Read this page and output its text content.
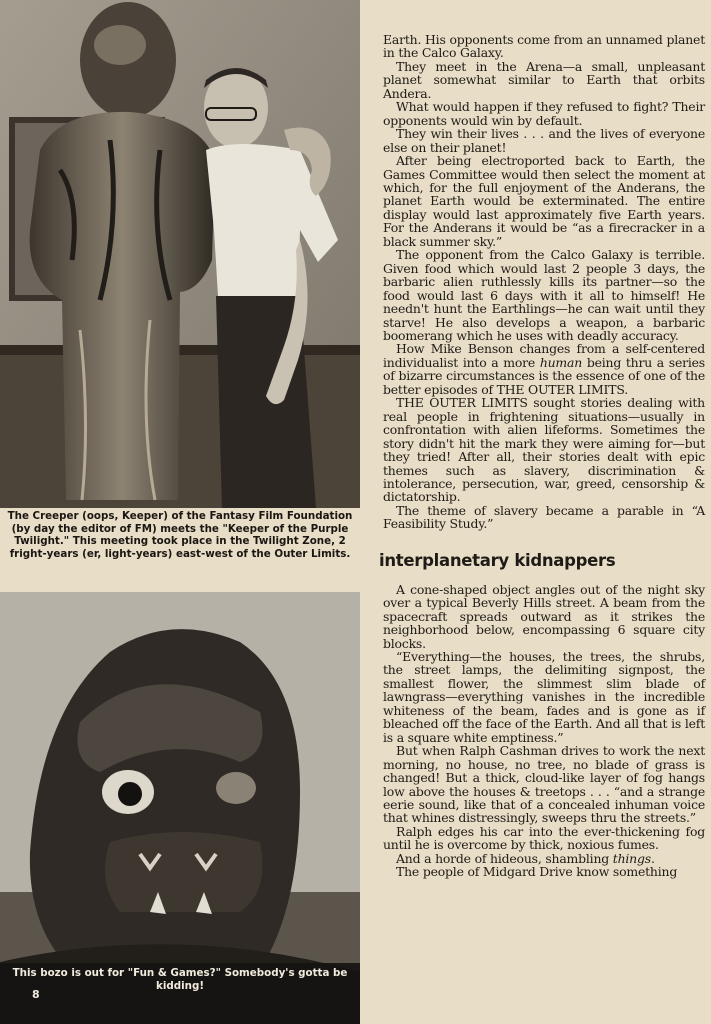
The Creeper (oops, Keeper) of the Fantasy Film Foundation (by day the editor of FM) meets the "Keeper of the Purple Twilight." This meeting took place in the Twilight Zone, 2 fright-years (er, light-years) east-west of the Outer Limits.
This bozo is out for "Fun & Games?" Somebody's gotta be kidding!
8

Earth. His opponents come from an unnamed planet in the Calco Galaxy.

They meet in the Arena—a small, unpleasant planet somewhat similar to Earth that orbits Andera.

What would happen if they refused to fight? Their opponents would win by default.

They win their lives . . . and the lives of everyone else on their planet!

After being electroported back to Earth, the Games Committee would then select the moment at which, for the full enjoyment of the Anderans, the planet Earth would be exterminated. The entire display would last approximately five Earth years. For the Anderans it would be “as a firecracker in a black summer sky.”

The opponent from the Calco Galaxy is terrible. Given food which would last 2 people 3 days, the barbaric alien ruthlessly kills its partner—so the food would last 6 days with it all to himself! He needn't hunt the Earthlings—he can wait until they starve! He also develops a weapon, a barbaric boomerang which he uses with deadly accuracy.

How Mike Benson changes from a self-centered individualist into a more human being thru a series of bizarre circumstances is the essence of one of the better episodes of THE OUTER LIMITS.

THE OUTER LIMITS sought stories dealing with real people in frightening situations—usually in confrontation with alien lifeforms. Sometimes the story didn't hit the mark they were aiming for—but they tried! After all, their stories dealt with epic themes such as slavery, discrimination & intolerance, persecution, war, greed, censorship & dictatorship.

The theme of slavery became a parable in “A Feasibility Study.”

interplanetary kidnappers

A cone-shaped object angles out of the night sky over a typical Beverly Hills street. A beam from the spacecraft spreads outward as it strikes the neighborhood below, encompassing 6 square city blocks.

“Everything—the houses, the trees, the shrubs, the street lamps, the delimiting signpost, the smallest flower, the slimmest slim blade of lawngrass—everything vanishes in the incredible whiteness of the beam, fades and is gone as if bleached off the face of the Earth. And all that is left is a square white emptiness.”

But when Ralph Cashman drives to work the next morning, no house, no tree, no blade of grass is changed! But a thick, cloud-like layer of fog hangs low above the houses & treetops . . . “and a strange eerie sound, like that of a concealed inhuman voice that whines distressingly, sweeps thru the streets.”

Ralph edges his car into the ever-thickening fog until he is overcome by thick, noxious fumes.

And a horde of hideous, shambling things.

The people of Midgard Drive know something
